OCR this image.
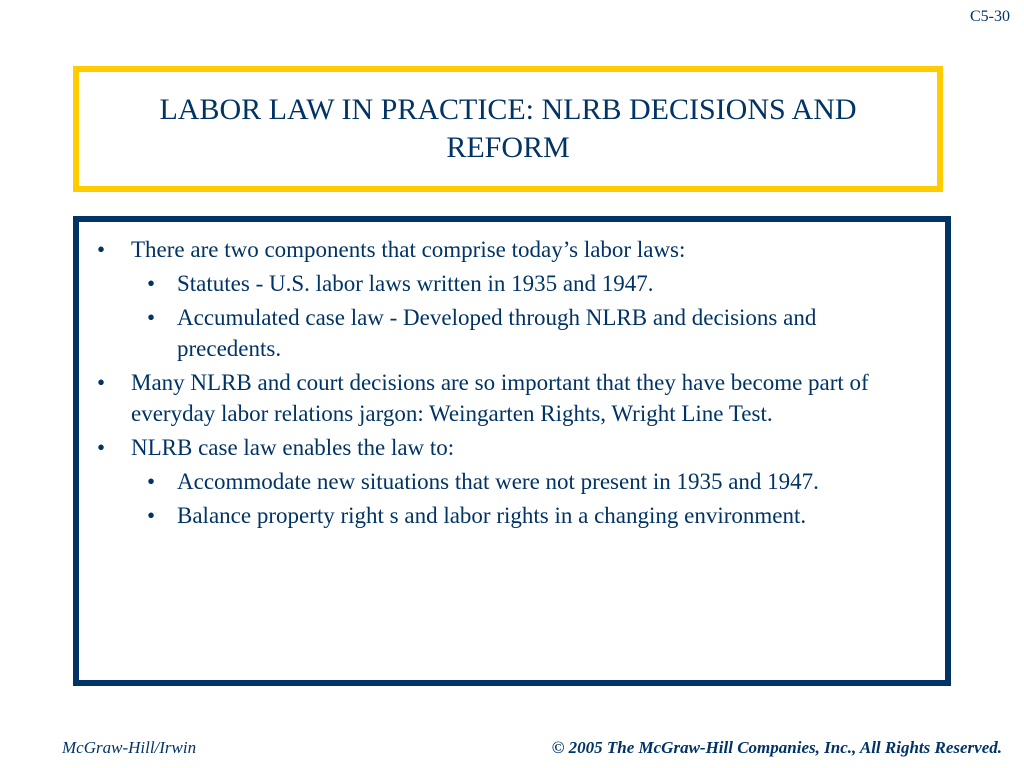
C5-30
LABOR LAW IN PRACTICE: NLRB DECISIONS AND REFORM
• There are two components that comprise today’s labor laws:
• Statutes - U.S. labor laws written in 1935 and 1947.
• Accumulated case law - Developed through NLRB and decisions and precedents.
• Many NLRB and court decisions are so important that they have become part of everyday labor relations jargon: Weingarten Rights, Wright Line Test.
• NLRB case law enables the law to:
• Accommodate new situations that were not present in 1935 and 1947.
• Balance property right s and labor rights in a changing environment.
McGraw-Hill/Irwin	© 2005 The McGraw-Hill Companies, Inc., All Rights Reserved.
